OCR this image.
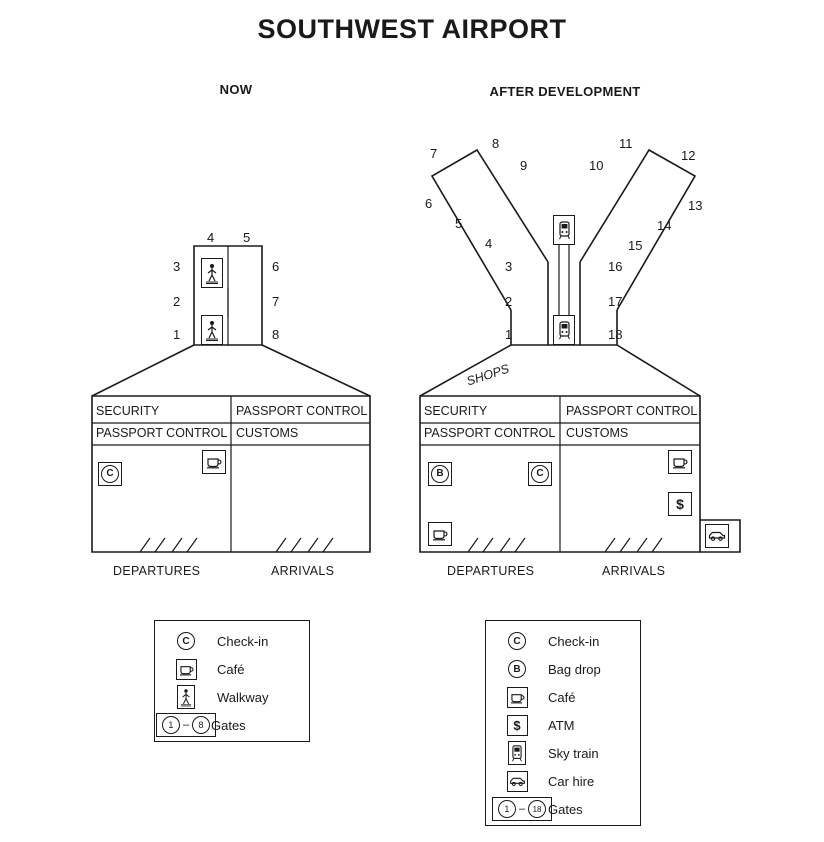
SOUTHWEST AIRPORT
NOW	AFTER DEVELOPMENT
1
2
3
4 5
6
7
8
SECURITY
PASSPORT CONTROL
PASSPORT CONTROL
CUSTOMS
C
DEPARTURES	ARRIVALS
1
2
3
4
5
6
7
8
9	10
11
12
13
14
15
16
17
18
SHOPS
SECURITY
PASSPORT CONTROL
PASSPORT CONTROL
CUSTOMS
B	C
$
DEPARTURES	ARRIVALS
C	Check-in
Café
Walkway
1 –	8 Gates
C	Check-in
B	Bag drop
Café
$ ATM
Sky train
Car hire
1 – 18 Gates
